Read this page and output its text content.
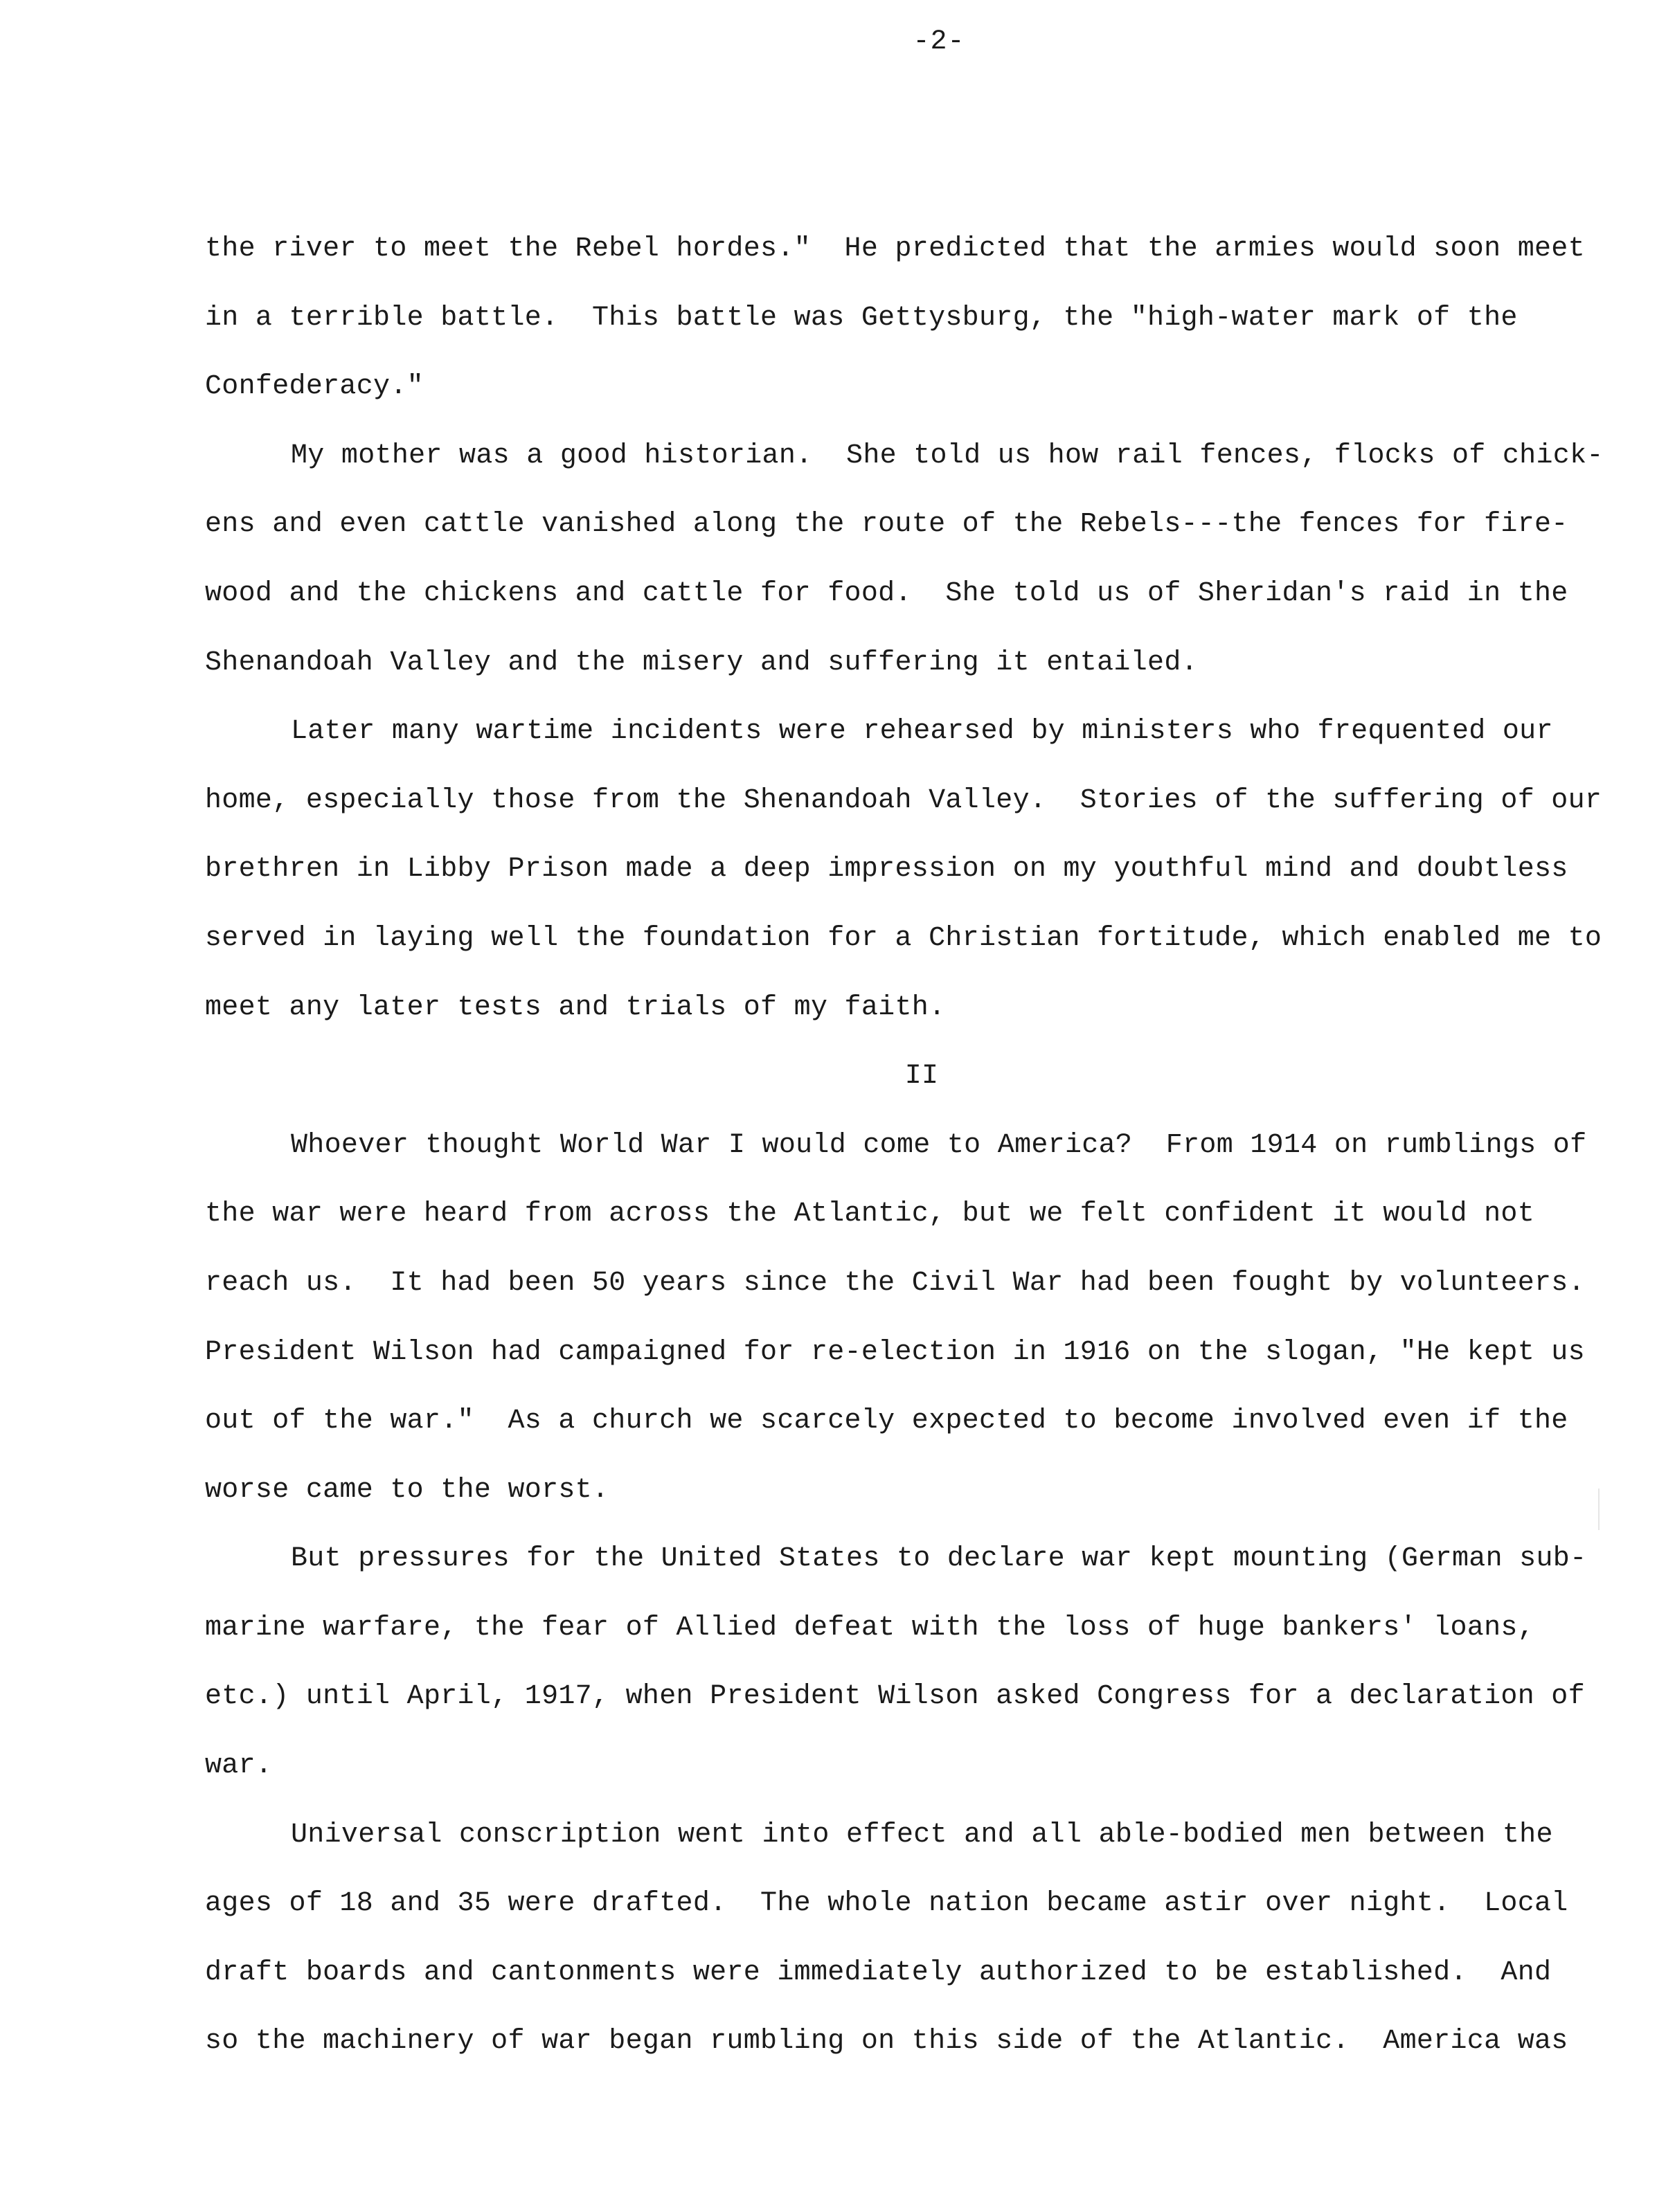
-2-
the river to meet the Rebel hordes."  He predicted that the armies would soon meet
in a terrible battle.  This battle was Gettysburg, the "high-water mark of the
Confederacy."
My mother was a good historian.  She told us how rail fences, flocks of chick-
ens and even cattle vanished along the route of the Rebels---the fences for fire-
wood and the chickens and cattle for food.  She told us of Sheridan's raid in the
Shenandoah Valley and the misery and suffering it entailed.
Later many wartime incidents were rehearsed by ministers who frequented our
home, especially those from the Shenandoah Valley.  Stories of the suffering of our
brethren in Libby Prison made a deep impression on my youthful mind and doubtless
served in laying well the foundation for a Christian fortitude, which enabled me to
meet any later tests and trials of my faith.
II
Whoever thought World War I would come to America?  From 1914 on rumblings of
the war were heard from across the Atlantic, but we felt confident it would not
reach us.  It had been 50 years since the Civil War had been fought by volunteers.
President Wilson had campaigned for re-election in 1916 on the slogan, "He kept us
out of the war."  As a church we scarcely expected to become involved even if the
worse came to the worst.
But pressures for the United States to declare war kept mounting (German sub-
marine warfare, the fear of Allied defeat with the loss of huge bankers' loans,
etc.) until April, 1917, when President Wilson asked Congress for a declaration of
war.
Universal conscription went into effect and all able-bodied men between the
ages of 18 and 35 were drafted.  The whole nation became astir over night.  Local
draft boards and cantonments were immediately authorized to be established.  And
so the machinery of war began rumbling on this side of the Atlantic.  America was
